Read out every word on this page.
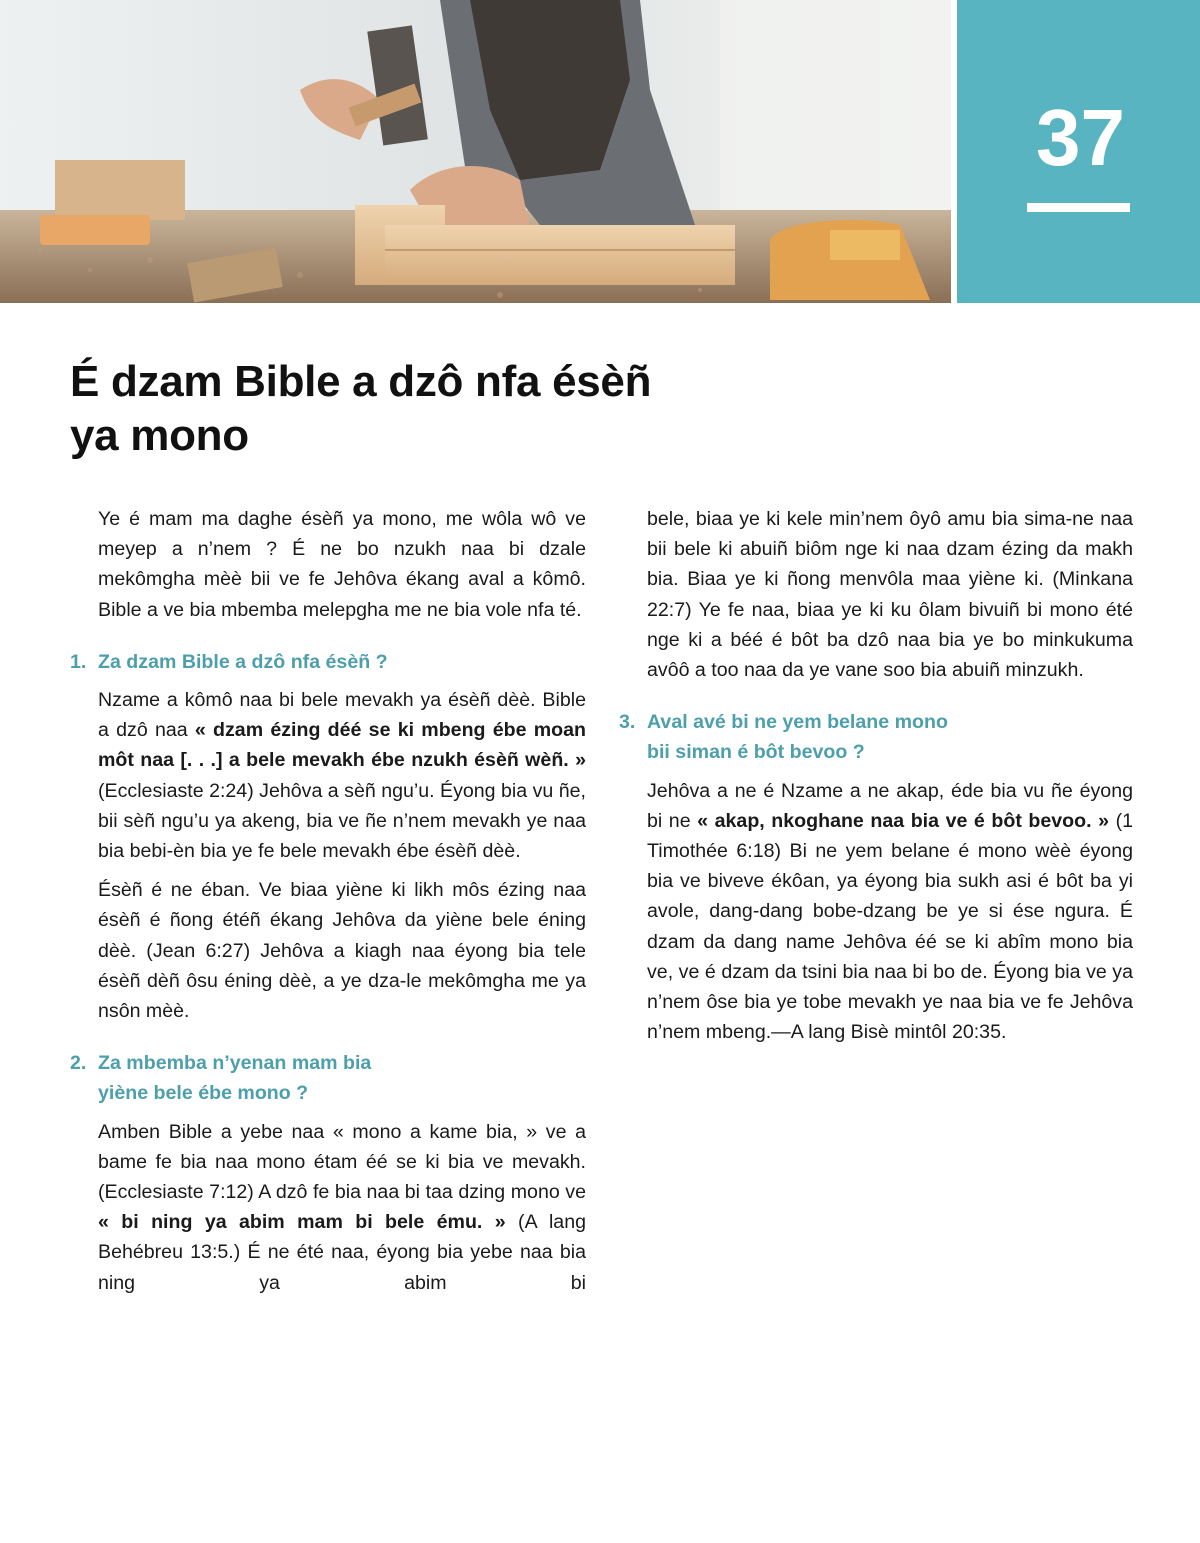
37
É dzam Bible a dzô nfa ésèñ ya mono

Ye é mam ma daghe ésèñ ya mono, me wôla wô ve meyep a n’nem ? É ne bo nzukh naa bi dzale mekômgha mèè bii ve fe Jehôva ékang aval a kômô. Bible a ve bia mbemba melepgha me ne bia vole nfa té.

1. Za dzam Bible a dzô nfa ésèñ ?

Nzame a kômô naa bi bele mevakh ya ésèñ dèè. Bible a dzô naa « dzam ézing déé se ki mbeng ébe moan môt naa [. . .] a bele mevakh ébe nzukh ésèñ wèñ. » (Ecclesiaste 2:24) Jehôva a sèñ ngu’u. Éyong bia vu ñe, bii sèñ ngu’u ya akeng, bia ve ñe n’nem mevakh ye naa bia bebi-èn bia ye fe bele mevakh ébe ésèñ dèè.

Ésèñ é ne éban. Ve biaa yiène ki likh môs ézing naa ésèñ é ñong étéñ ékang Jehôva da yiène bele éning dèè. (Jean 6:27) Jehôva a kiagh naa éyong bia tele ésèñ dèñ ôsu éning dèè, a ye dza-le mekômgha me ya nsôn mèè.

2. Za mbemba n’yenan mam bia
yiène bele ébe mono ?

Amben Bible a yebe naa « mono a kame bia, » ve a bame fe bia naa mono étam éé se ki bia ve mevakh. (Ecclesiaste 7:12) A dzô fe bia naa bi taa dzing mono ve « bi ning ya abim mam bi bele ému. » (A lang Behébreu 13:5.) É ne été naa, éyong bia yebe naa bia ning ya abim bi

bele, biaa ye ki kele min’nem ôyô amu bia sima-ne naa bii bele ki abuiñ biôm nge ki naa dzam ézing da makh bia. Biaa ye ki ñong menvôla maa yiène ki. (Minkana 22:7) Ye fe naa, biaa ye ki ku ôlam bivuiñ bi mono été nge ki a béé é bôt ba dzô naa bia ye bo minkukuma avôô a too naa da ye vane soo bia abuiñ minzukh.

3. Aval avé bi ne yem belane mono
bii siman é bôt bevoo ?

Jehôva a ne é Nzame a ne akap, éde bia vu ñe éyong bi ne « akap, nkoghane naa bia ve é bôt bevoo. » (1 Timothée 6:18) Bi ne yem belane é mono wèè éyong bia ve biveve ékôan, ya éyong bia sukh asi é bôt ba yi avole, dang-dang bobe-dzang be ye si ése ngura. É dzam da dang name Jehôva éé se ki abîm mono bia ve, ve é dzam da tsini bia naa bi bo de. Éyong bia ve ya n’nem ôse bia ye tobe mevakh ye naa bia ve fe Jehôva n’nem mbeng.—A lang Bisè mintôl 20:35.
